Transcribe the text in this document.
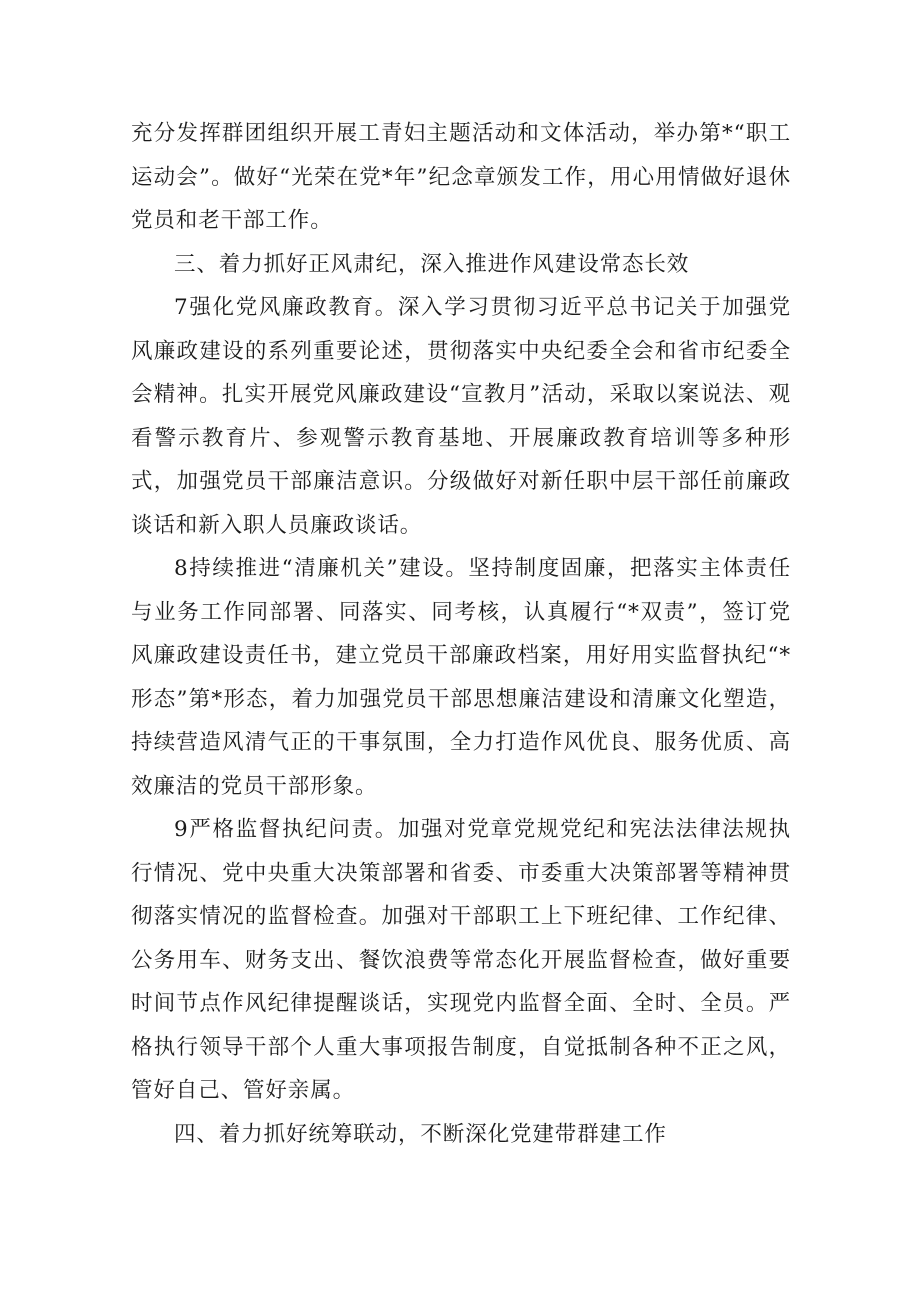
充分发挥群团组织开展工青妇主题活动和文体活动，举办第*“职工运动会”。做好“光荣在党*年”纪念章颁发工作，用心用情做好退休党员和老干部工作。

三、着力抓好正风肃纪，深入推进作风建设常态长效

7强化党风廉政教育。深入学习贯彻习近平总书记关于加强党风廉政建设的系列重要论述，贯彻落实中央纪委全会和省市纪委全会精神。扎实开展党风廉政建设“宣教月”活动，采取以案说法、观看警示教育片、参观警示教育基地、开展廉政教育培训等多种形式，加强党员干部廉洁意识。分级做好对新任职中层干部任前廉政谈话和新入职人员廉政谈话。

8持续推进“清廉机关”建设。坚持制度固廉，把落实主体责任与业务工作同部署、同落实、同考核，认真履行“*双责”，签订党风廉政建设责任书，建立党员干部廉政档案，用好用实监督执纪“*形态”第*形态，着力加强党员干部思想廉洁建设和清廉文化塑造，持续营造风清气正的干事氛围，全力打造作风优良、服务优质、高效廉洁的党员干部形象。

9严格监督执纪问责。加强对党章党规党纪和宪法法律法规执行情况、党中央重大决策部署和省委、市委重大决策部署等精神贯彻落实情况的监督检查。加强对干部职工上下班纪律、工作纪律、公务用车、财务支出、餐饮浪费等常态化开展监督检查，做好重要时间节点作风纪律提醒谈话，实现党内监督全面、全时、全员。严格执行领导干部个人重大事项报告制度，自觉抵制各种不正之风，管好自己、管好亲属。

四、着力抓好统筹联动，不断深化党建带群建工作
